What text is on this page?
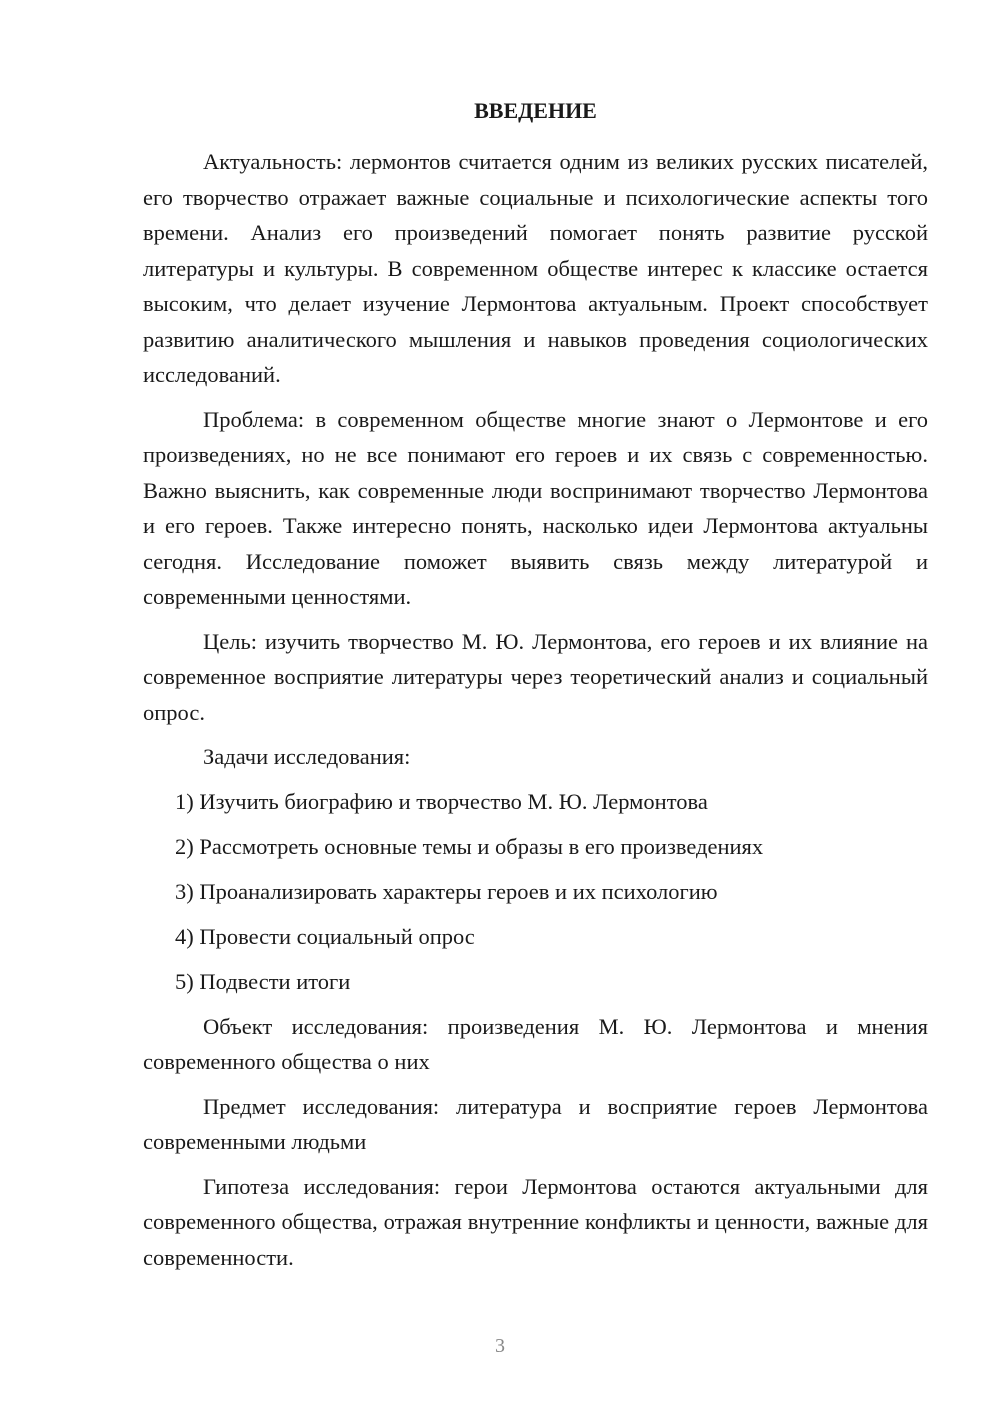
ВВЕДЕНИЕ

Актуальность: лермонтов считается одним из великих русских писателей, его творчество отражает важные социальные и психологические аспекты того времени. Анализ его произведений помогает понять развитие русской литературы и культуры. В современном обществе интерес к классике остается высоким, что делает изучение Лермонтова актуальным. Проект способствует развитию аналитического мышления и навыков проведения социологических исследований.

Проблема: в современном обществе многие знают о Лермонтове и его произведениях, но не все понимают его героев и их связь с современностью. Важно выяснить, как современные люди воспринимают творчество Лермонтова и его героев. Также интересно понять, насколько идеи Лермонтова актуальны сегодня. Исследование поможет выявить связь между литературой и современными ценностями.

Цель: изучить творчество М. Ю. Лермонтова, его героев и их влияние на современное восприятие литературы через теоретический анализ и социальный опрос.

Задачи исследования:

1) Изучить биографию и творчество М. Ю. Лермонтова

2) Рассмотреть основные темы и образы в его произведениях

3) Проанализировать характеры героев и их психологию

4) Провести социальный опрос

5) Подвести итоги

Объект исследования: произведения М. Ю. Лермонтова и мнения современного общества о них

Предмет исследования: литература и восприятие героев Лермонтова современными людьми

Гипотеза исследования: герои Лермонтова остаются актуальными для современного общества, отражая внутренние конфликты и ценности, важные для современности.

3
